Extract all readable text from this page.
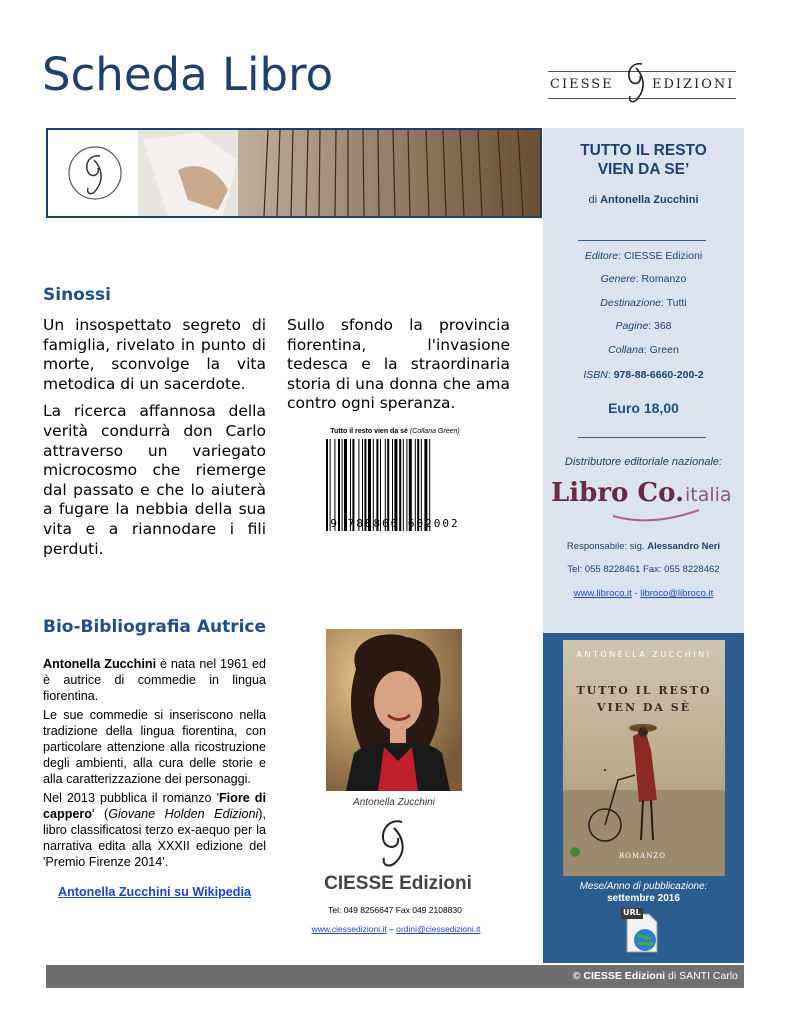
Scheda Libro	CIESSE	EDIZIONI
TUTTO IL RESTO
VIEN DA SE’
di Antonella Zucchini
Editore: CIESSE Edizioni
Genere: Romanzo
Destinazione: Tutti
Pagine: 368
Collana: Green
ISBN: 978-88-6660-200-2
Euro 18,00
Distributore editoriale nazionale:
Libro Co. italia
Responsabile: sig. Alessandro Neri
Tel: 055 8228461 Fax: 055 8228462
www.libroco.it - libroco@libroco.it
ANTONELLA ZUCCHINI
TUTTO IL RESTO
VIEN DA SÈ
ROMANZO
Mese/Anno di pubblicazione:
settembre 2016
URL
Sinossi

Un insospettato segreto di famiglia, rivelato in punto di morte, sconvolge la vita metodica di un sacerdote.

La ricerca affannosa della verità condurrà don Carlo attraverso un variegato microcosmo che riemerge dal passato e che lo aiuterà a fugare la nebbia della sua vita e a riannodare i fili perduti.

Sullo sfondo la provincia fiorentina, l'invasione tedesca e la straordinaria storia di una donna che ama contro ogni speranza.

Tutto il resto vien da sè (Collana Green)
9 788866 602002
Bio-Bibliografia Autrice

Antonella Zucchini è nata nel 1961 ed è autrice di commedie in lingua fiorentina.

Le sue commedie si inseriscono nella tradizione della lingua fiorentina, con particolare attenzione alla ricostruzione degli ambienti, alla cura delle storie e alla caratterizzazione dei personaggi.

Nel 2013 pubblica il romanzo 'Fiore di cappero' (Giovane Holden Edizioni), libro classificatosi terzo ex-aequo per la narrativa edita alla XXXII edizione del 'Premio Firenze 2014'.

Antonella Zucchini su Wikipedia
Antonella Zucchini
CIESSE Edizioni
Tel: 049 8256647 Fax 049 2108830
www.ciessedizioni.it – ordini@ciessedizioni.it
© CIESSE Edizioni di SANTI Carlo
